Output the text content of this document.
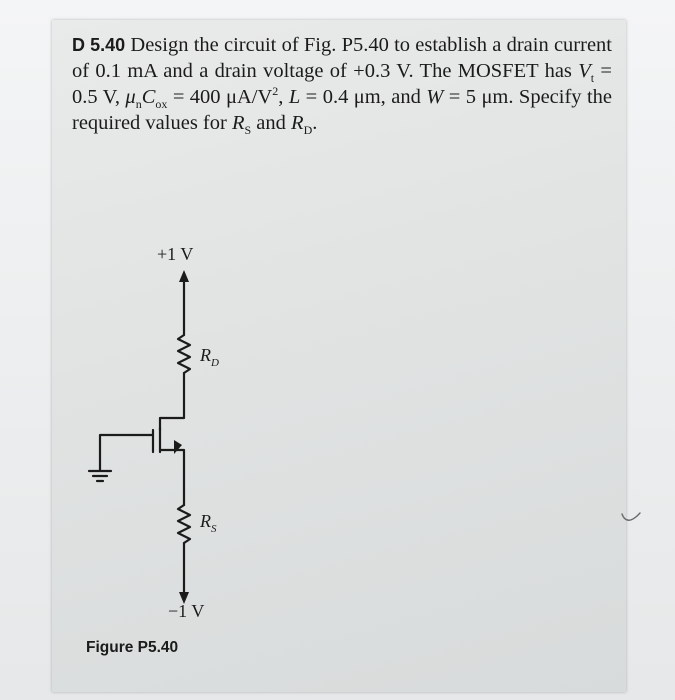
D 5.40 Design the circuit of Fig. P5.40 to establish a drain current of 0.1 mA and a drain voltage of +0.3 V. The MOSFET has $V_t = 0.5$ V, $\mu_nC_{ox} = 400$ $\mu A/V^2$, L = 0.4 μm, and W = 5 μm. Specify the required values for $R_S$ and $R_D$.
+1 V
$R_D$
$R_S$
−1 V
Figure P5.40
